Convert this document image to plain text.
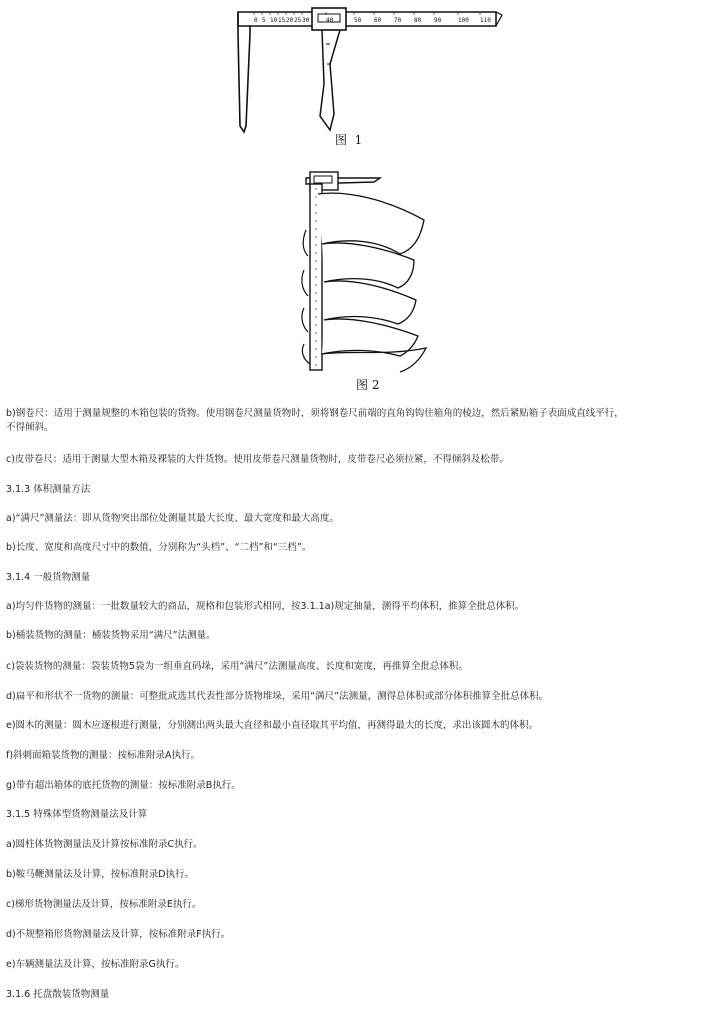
0 5 10 15 20 25 30	40	50 60 70 80 90	100 110
图  1
图 2
b)钢卷尺：适用于测量规整的木箱包装的货物。使用钢卷尺测量货物时，须将钢卷尺前端的直角钩钩住箱角的棱边，然后紧贴箱子表面成直线平行，
不得倾斜。
c)皮带卷尺：适用于测量大型木箱及裸装的大件货物。使用皮带卷尺测量货物时，皮带卷尺必须拉紧，不得倾斜及松带。
3.1.3 体积测量方法
a)“满尺”测量法：即从货物突出部位处测量其最大长度、最大宽度和最大高度。
b)长度、宽度和高度尺寸中的数值，分别称为“头档”、“二档”和“三档”。
3.1.4 一般货物测量
a)均匀件货物的测量：一批数量较大的商品，规格和包装形式相同，按3.1.1a)规定抽量，测得平均体积，推算全批总体积。
b)桶装货物的测量：桶装货物采用“满尺”法测量。
c)袋装货物的测量：袋装货物5袋为一组垂直码垛，采用“满尺”法测量高度、长度和宽度，再推算全批总体积。
d)扁平和形状不一货物的测量：可整批或选其代表性部分货物堆垛，采用“满尺”法测量，测得总体积或部分体积推算全批总体积。
e)圆木的测量：圆木应逐根进行测量，分别测出两头最大直径和最小直径取其平均值，再测得最大的长度，求出该圆木的体积。
f)斜刺面箱装货物的测量：按标准附录A执行。
g)带有超出箱体的底托货物的测量：按标准附录B执行。
3.1.5 特殊体型货物测量法及计算
a)圆柱体货物测量法及计算按标准附录C执行。
b)鞍马鞭测量法及计算，按标准附录D执行。
c)梯形货物测量法及计算，按标准附录E执行。
d)不规整箱形货物测量法及计算，按标准附录F执行。
e)车辆测量法及计算，按标准附录G执行。
3.1.6 托盘散装货物测量
